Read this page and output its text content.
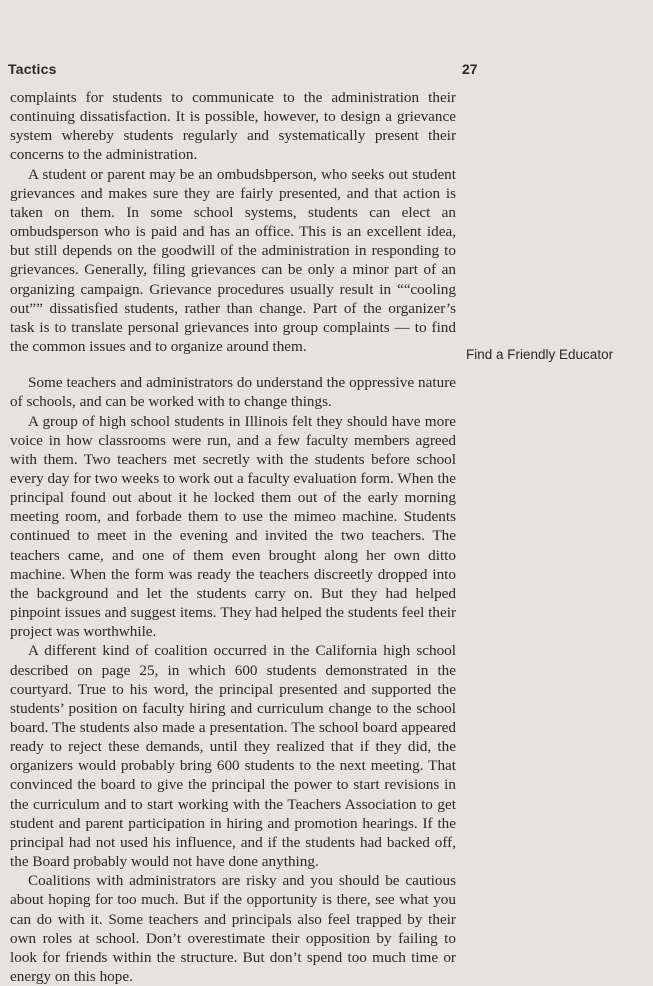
Tactics	27

complaints for students to communicate to the administration their continuing dissatisfaction. It is possible, however, to design a grievance system whereby students regularly and systematically present their concerns to the administration.

A student or parent may be an ombudsbperson, who seeks out student grievances and makes sure they are fairly presented, and that action is taken on them. In some school systems, students can elect an ombudsperson who is paid and has an office. This is an excellent idea, but still depends on the goodwill of the administration in responding to grievances. Generally, filing grievances can be only a minor part of an organizing campaign. Grievance procedures usually result in ““cooling out”” dissatisfied students, rather than change. Part of the organizer’s task is to translate personal grievances into group complaints — to find the common issues and to organize around them.

Some teachers and administrators do understand the oppressive nature of schools, and can be worked with to change things.

A group of high school students in Illinois felt they should have more voice in how classrooms were run, and a few faculty members agreed with them. Two teachers met secretly with the students before school every day for two weeks to work out a faculty evaluation form. When the principal found out about it he locked them out of the early morning meeting room, and forbade them to use the mimeo machine. Students continued to meet in the evening and invited the two teachers. The teachers came, and one of them even brought along her own ditto machine. When the form was ready the teachers discreetly dropped into the background and let the students carry on. But they had helped pinpoint issues and suggest items. They had helped the students feel their project was worthwhile.

A different kind of coalition occurred in the California high school described on page 25, in which 600 students demonstrated in the courtyard. True to his word, the principal presented and supported the students’ position on faculty hiring and curriculum change to the school board. The students also made a presentation. The school board appeared ready to reject these demands, until they realized that if they did, the organizers would probably bring 600 students to the next meeting. That convinced the board to give the principal the power to start revisions in the curriculum and to start working with the Teachers Association to get student and parent participation in hiring and promotion hearings. If the principal had not used his influence, and if the students had backed off, the Board probably would not have done anything.

Coalitions with administrators are risky and you should be cautious about hoping for too much. But if the opportunity is there, see what you can do with it. Some teachers and principals also feel trapped by their own roles at school. Don’t overestimate their opposition by failing to look for friends within the structure. But don’t spend too much time or energy on this hope.

Find a Friendly Educator
